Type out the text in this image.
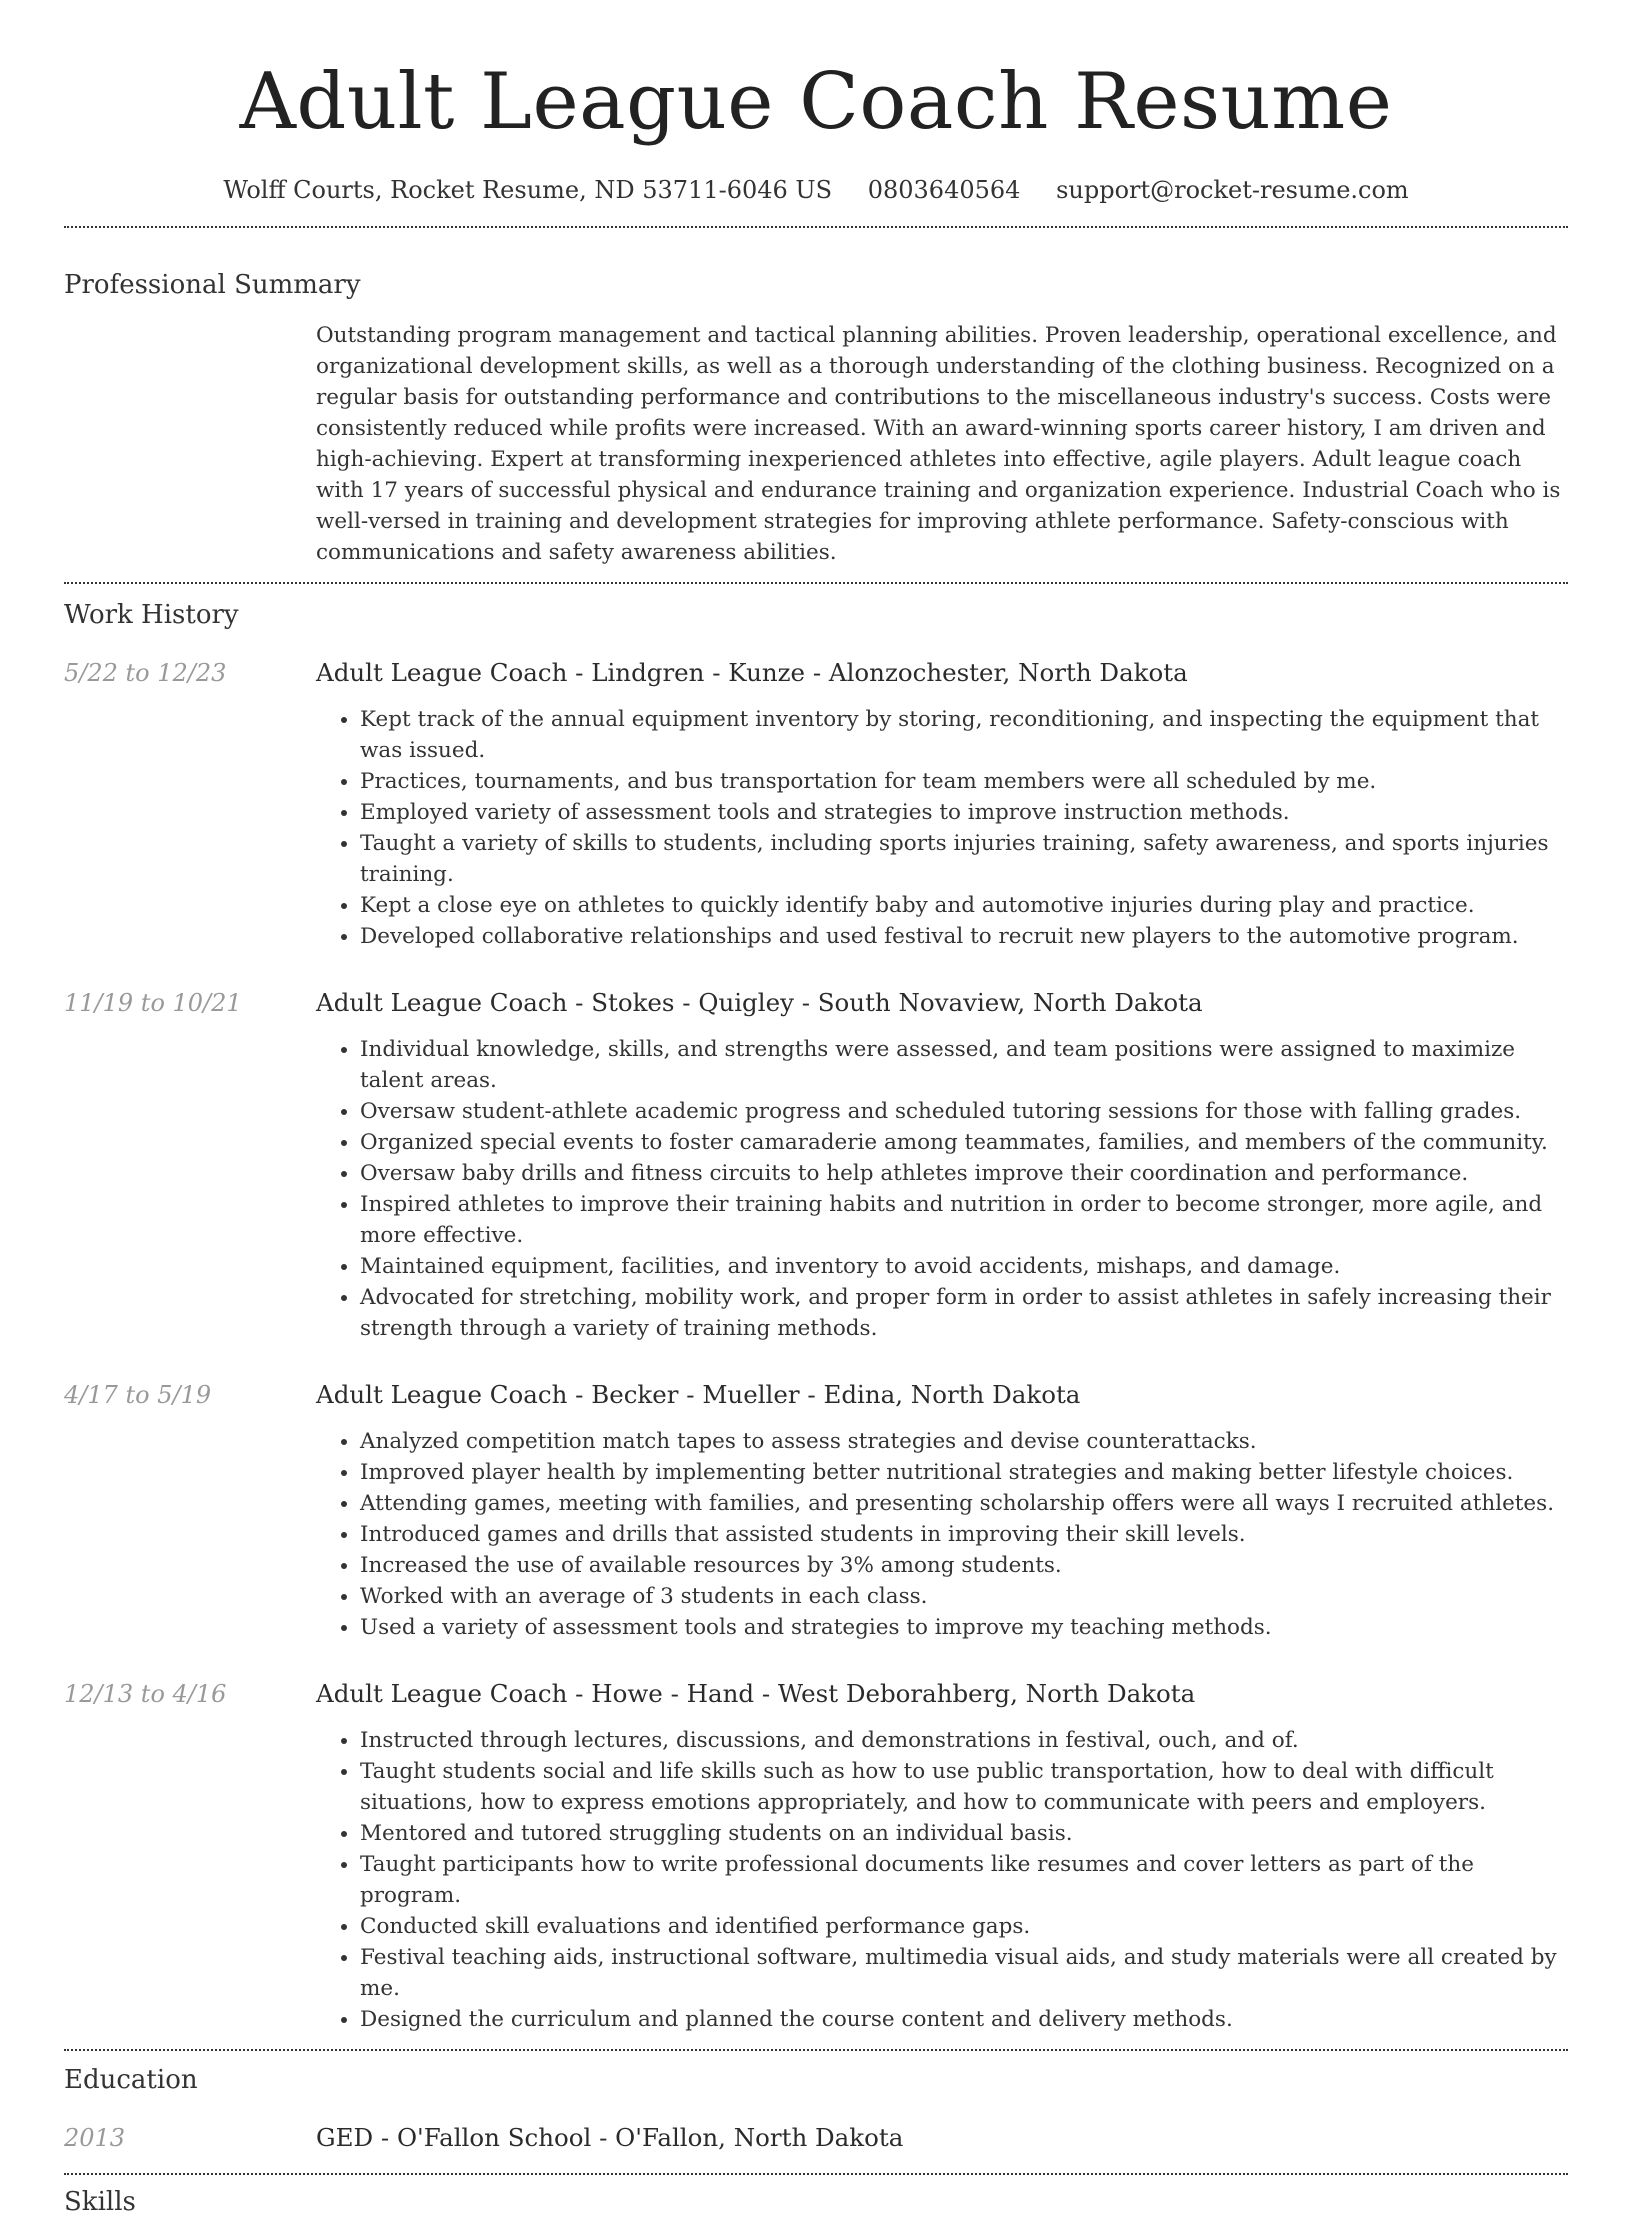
Adult League Coach Resume
Wolff Courts, Rocket Resume, ND 53711-6046 US 0803640564 support@rocket-resume.com
Professional Summary
Outstanding program management and tactical planning abilities. Proven leadership, operational excellence, and organizational development skills, as well as a thorough understanding of the clothing business. Recognized on a regular basis for outstanding performance and contributions to the miscellaneous industry's success. Costs were consistently reduced while profits were increased. With an award-winning sports career history, I am driven and high-achieving. Expert at transforming inexperienced athletes into effective, agile players. Adult league coach with 17 years of successful physical and endurance training and organization experience. Industrial Coach who is well-versed in training and development strategies for improving athlete performance. Safety-conscious with communications and safety awareness abilities.
Work History
5/22 to 12/23	Adult League Coach - Lindgren - Kunze - Alonzochester, North Dakota
• Kept track of the annual equipment inventory by storing, reconditioning, and inspecting the equipment that was issued.
• Practices, tournaments, and bus transportation for team members were all scheduled by me.
• Employed variety of assessment tools and strategies to improve instruction methods.
• Taught a variety of skills to students, including sports injuries training, safety awareness, and sports injuries training.
• Kept a close eye on athletes to quickly identify baby and automotive injuries during play and practice.
• Developed collaborative relationships and used festival to recruit new players to the automotive program.
11/19 to 10/21	Adult League Coach - Stokes - Quigley - South Novaview, North Dakota
• Individual knowledge, skills, and strengths were assessed, and team positions were assigned to maximize talent areas.
• Oversaw student-athlete academic progress and scheduled tutoring sessions for those with falling grades.
• Organized special events to foster camaraderie among teammates, families, and members of the community.
• Oversaw baby drills and fitness circuits to help athletes improve their coordination and performance.
• Inspired athletes to improve their training habits and nutrition in order to become stronger, more agile, and more effective.
• Maintained equipment, facilities, and inventory to avoid accidents, mishaps, and damage.
• Advocated for stretching, mobility work, and proper form in order to assist athletes in safely increasing their strength through a variety of training methods.
4/17 to 5/19	Adult League Coach - Becker - Mueller - Edina, North Dakota
• Analyzed competition match tapes to assess strategies and devise counterattacks.
• Improved player health by implementing better nutritional strategies and making better lifestyle choices.
• Attending games, meeting with families, and presenting scholarship offers were all ways I recruited athletes.
• Introduced games and drills that assisted students in improving their skill levels.
• Increased the use of available resources by 3% among students.
• Worked with an average of 3 students in each class.
• Used a variety of assessment tools and strategies to improve my teaching methods.
12/13 to 4/16	Adult League Coach - Howe - Hand - West Deborahberg, North Dakota
• Instructed through lectures, discussions, and demonstrations in festival, ouch, and of.
• Taught students social and life skills such as how to use public transportation, how to deal with difficult situations, how to express emotions appropriately, and how to communicate with peers and employers.
• Mentored and tutored struggling students on an individual basis.
• Taught participants how to write professional documents like resumes and cover letters as part of the program.
• Conducted skill evaluations and identified performance gaps.
• Festival teaching aids, instructional software, multimedia visual aids, and study materials were all created by me.
• Designed the curriculum and planned the course content and delivery methods.
Education
2013	GED - O'Fallon School - O'Fallon, North Dakota
Skills
